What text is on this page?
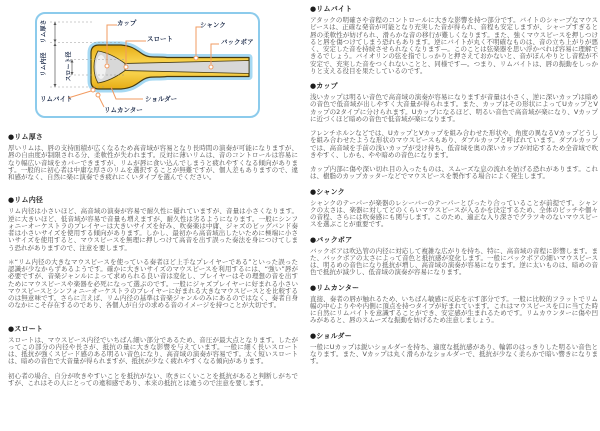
カップ	シャンク
スロート	バックボア
リムバイト
リムカンター
ショルダー
リム厚さ
リム内径	スロート径
●リム厚さ

厚いリムは、唇の支持面積が広くなるため高音域が容易となり長時間の演奏が可能になりますが、唇の自由度が制限される分、柔軟性が失われます。反対に薄いリムは、音のコントロールは容易になり幅広い音域をカバーできますが、リムが唇に食い込んでしまうと疲れやすくなる傾向があります。一般的に初心者は中庸な厚さのリムを選択することが無難ですが、個人差もありますので、違和感がなく、自然に楽に演奏でき疲れにくいタイプを選んでください。

●リム内径

リム内径は小さいほど、高音域の演奏が容易で耐久性に優れていますが、音量は小さくなります。逆に大きいほど、低音域が容易で音量も増えますが、耐久性は劣るようになります。一般にシンフォニーオーケストラのプレイヤーは大きいサイズを好み、吹奏楽は中庸、ジャズのビッグバンド奏者は小さいサイズを使用する傾向があります。しかし、最初から高音域出したいために極端に小さいサイズを使用すると、マウスピースを無理に押しつけて高音を出す誤った奏法を身につけてしまう恐れがありますので、注意を要します。

＊“リム内径の大きなマウスピースを使っている奏者ほど上手なプレイヤーである”といった誤った認識が少なからずあるようです。確かに大きいサイズのマウスピースを利用するには、“強い”唇が必要ですが、音楽ジャンルによって求められる良い音は変化し、プレイヤーはその理想の音を出すためにマウスピースや楽器を必死になって選ぶのです。一般にジャズプレイヤーに好まれる小さいマウスピースとシンフォニーオーケストラのプレイヤーに好まれる大きなマウスピースとを比較するのは無意味です。さらに言えば、リム内径の基準は音楽ジャンルのみにあるのではなく、奏者自身のなかにこそ存在するのであり、各個人が自分の求める音のイメージを持つことが大切です。

●スロート

スロートは、マウスピース内径でいちばん細い部分であるため、音圧が最大点となります。したがってこの部分の内径や長さが、抵抗の量に大きな影響を与えています。一般に細く長いスロートは、抵抗が強くスピード感のある明るい音色になり、高音域の演奏が容易です。太く短いスロートは、暗めの音色で大音量が得られますが、抵抗が少なく疲れやすくなる傾向があります。

初心者の場合、自分が吹きやすいことを抵抗がない、吹きにくいことを抵抗があると判断しがちですが、これはその人にとっての違和感であり、本来の抵抗とは違うので注意を要します。

●リムバイト

アタックの明確さや音程のコントロールに大きな影響を持つ部分です。バイトのシャープなマウスピースは、正確な発音が可能となり充実した音が得られ、音程も安定しますが、シャープすぎると唇の柔軟性が妨げられ、滑らかな音の移行が難しくなります。また、強くマウスピースを押しつけると唇を傷つけてしまう恐れもあります。逆にバイトが丸く不明確なものは、音の立ち上がりが悪く、安定した音を持続させられなくなります—。このことは弦楽器を思い浮かべれば容易に理解できるでしょう。バイオリンの弦を指でしっかりと押さえておかないと、音がぼんやりとし音程が不安定で、充実した音をつくれないことと、同様です—。つまり、リムバイトは、唇の振動をしっかりと支える役目を果たしているのです。

●カップ

浅いカップは明るい音色で高音域の演奏が容易になりますが音量は小さく、逆に深いカップは暗めの音色で低音域が出しやすく大音量が得られます。また、カップはその形状によってUカップとVカップの2タイプに分けられます。Uカップになるほど、明るい音色で高音域が楽になり、Vカップに近づくほど暗めの音色で低音域が楽になります。

フレンチホルンなどでは、UカップとVカップを組み合わせた形状や、角度の異なるVカップどうしを組み合わせたような形状のマウスピースもあり、ダブルカップと呼ばれています。ダブルカップでは、高音域を手前の浅いカップが受け持ち、低音域を奥の深いカップが対応するため全音域で吹きやすく、しかも、やや暗めの音色になります。

カップ内部に傷や深い切れ目の入ったものは、スムーズな息の流れを妨げる恐れがあります。これは、樹脂のカップカッターなどでマウスピースを製作する場合によく発生します。

●シャンク

シャンクのテーパーが楽器のレシーバーのテーパーとぴったり合っていることが前提です。シャンクの太さは、楽器に対してどのくらいマウスピースが入るかを決定するため、全体のピッチや個々の音程、さらには吹奏感にも関与します。このため、適正な入り深さでグラツキのないマウスピースを選ぶことが重要です。

●バックボア

バックボアは吹込管の内径に対応して複雑な広がりを持ち、特に、高音域の音程に影響します。また、バックボアの太さによって音色と抵抗感が変化します。一般にバックボアの細いマウスピースは、明るめの音色になり抵抗が増し、高音域の演奏が容易になります。逆に太いものは、暗めの音色で抵抗が減少し、低音域の演奏が容易になります。

●リムカンター

直接、奏者の唇が触れるため、いちばん敏感に反応を示す部分です。一般に比較的フラットでリム幅の中心よりやや内側に頂点を持つタイプが好まれています。これはマウスピースを口に当てた時に自然にリムバイトを意識することができ、安定感が生まれるためです。リムカウンターに傷や凹みがあると、唇のスムーズな振動を妨げるため注意しましょう。

●ショルダー

一般にUカップは鋭いショルダーを持ち、適度な抵抗感があり、輪郭のはっきりした明るい音色となります。また、Vカップは丸く滑らかなショルダーで、抵抗が少なく柔らかで暗い響きになります。
